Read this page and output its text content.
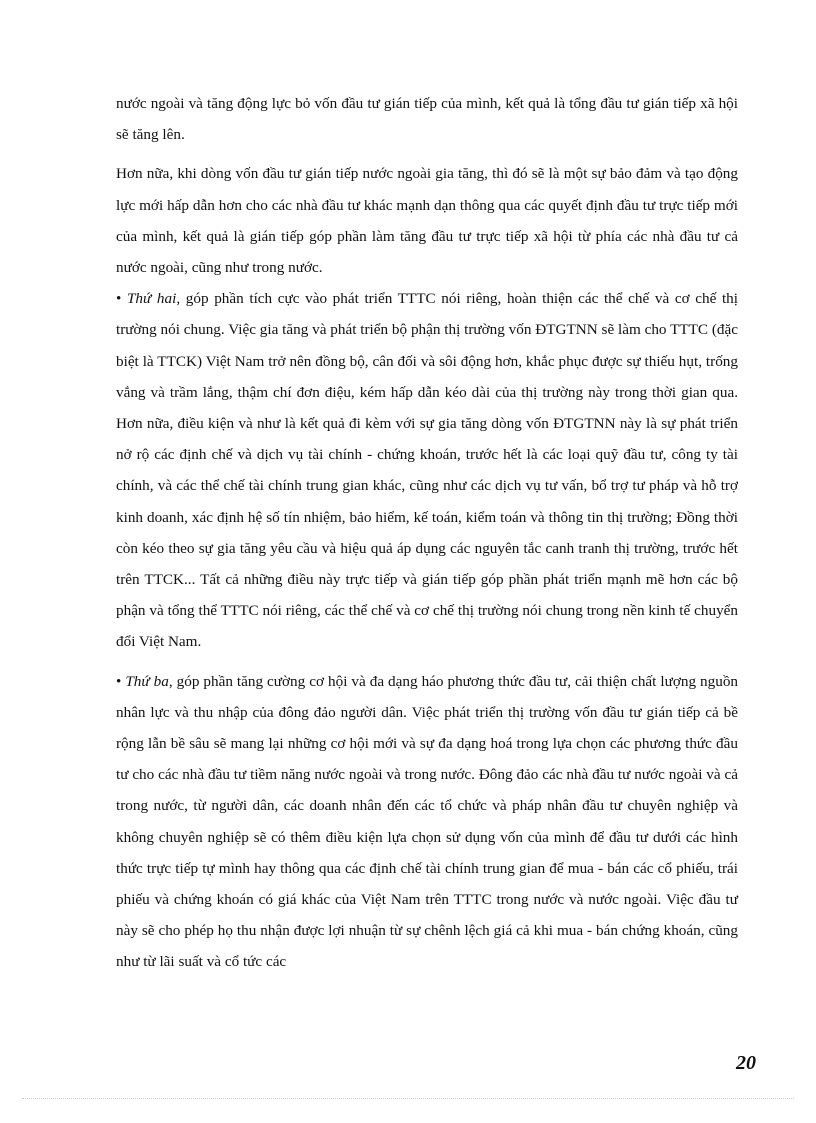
nước ngoài và tăng động lực bỏ vốn đầu tư gián tiếp của mình, kết quả là tổng đầu tư gián tiếp xã hội sẽ tăng lên.

Hơn nữa, khi dòng vốn đầu tư gián tiếp nước ngoài gia tăng, thì đó sẽ là một sự bảo đảm và tạo động lực mới hấp dẫn hơn cho các nhà đầu tư khác mạnh dạn thông qua các quyết định đầu tư trực tiếp mới của mình, kết quả là gián tiếp góp phần làm tăng đầu tư trực tiếp xã hội từ phía các nhà đầu tư cả nước ngoài, cũng như trong nước.

• Thứ hai, góp phần tích cực vào phát triển TTTC nói riêng, hoàn thiện các thể chế và cơ chế thị trường nói chung. Việc gia tăng và phát triển bộ phận thị trường vốn ĐTGTNN sẽ làm cho TTTC (đặc biệt là TTCK) Việt Nam trở nên đồng bộ, cân đối và sôi động hơn, khắc phục được sự thiếu hụt, trống vắng và trầm lắng, thậm chí đơn điệu, kém hấp dẫn kéo dài của thị trường này trong thời gian qua. Hơn nữa, điều kiện và như là kết quả đi kèm với sự gia tăng dòng vốn ĐTGTNN này là sự phát triển nở rộ các định chế và dịch vụ tài chính - chứng khoán, trước hết là các loại quỹ đầu tư, công ty tài chính, và các thể chế tài chính trung gian khác, cũng như các dịch vụ tư vấn, bổ trợ tư pháp và hỗ trợ kinh doanh, xác định hệ số tín nhiệm, bảo hiểm, kế toán, kiểm toán và thông tin thị trường; Đồng thời còn kéo theo sự gia tăng yêu cầu và hiệu quả áp dụng các nguyên tắc canh tranh thị trường, trước hết trên TTCK... Tất cả những điều này trực tiếp và gián tiếp góp phần phát triển mạnh mẽ hơn các bộ phận và tổng thể TTTC nói riêng, các thể chế và cơ chế thị trường nói chung trong nền kinh tế chuyển đổi Việt Nam.

• Thứ ba, góp phần tăng cường cơ hội và đa dạng háo phương thức đầu tư, cải thiện chất lượng nguồn nhân lực và thu nhập của đông đảo người dân. Việc phát triển thị trường vốn đầu tư gián tiếp cả bề rộng lẫn bề sâu sẽ mang lại những cơ hội mới và sự đa dạng hoá trong lựa chọn các phương thức đầu tư cho các nhà đầu tư tiềm năng nước ngoài và trong nước. Đông đảo các nhà đầu tư nước ngoài và cả trong nước, từ người dân, các doanh nhân đến các tổ chức và pháp nhân đầu tư chuyên nghiệp và không chuyên nghiệp sẽ có thêm điều kiện lựa chọn sử dụng vốn của mình để đầu tư dưới các hình thức trực tiếp tự mình hay thông qua các định chế tài chính trung gian để mua - bán các cổ phiếu, trái phiếu và chứng khoán có giá khác của Việt Nam trên TTTC trong nước và nước ngoài. Việc đầu tư này sẽ cho phép họ thu nhận được lợi nhuận từ sự chênh lệch giá cả khi mua - bán chứng khoán, cũng như từ lãi suất và cổ tức các

20
